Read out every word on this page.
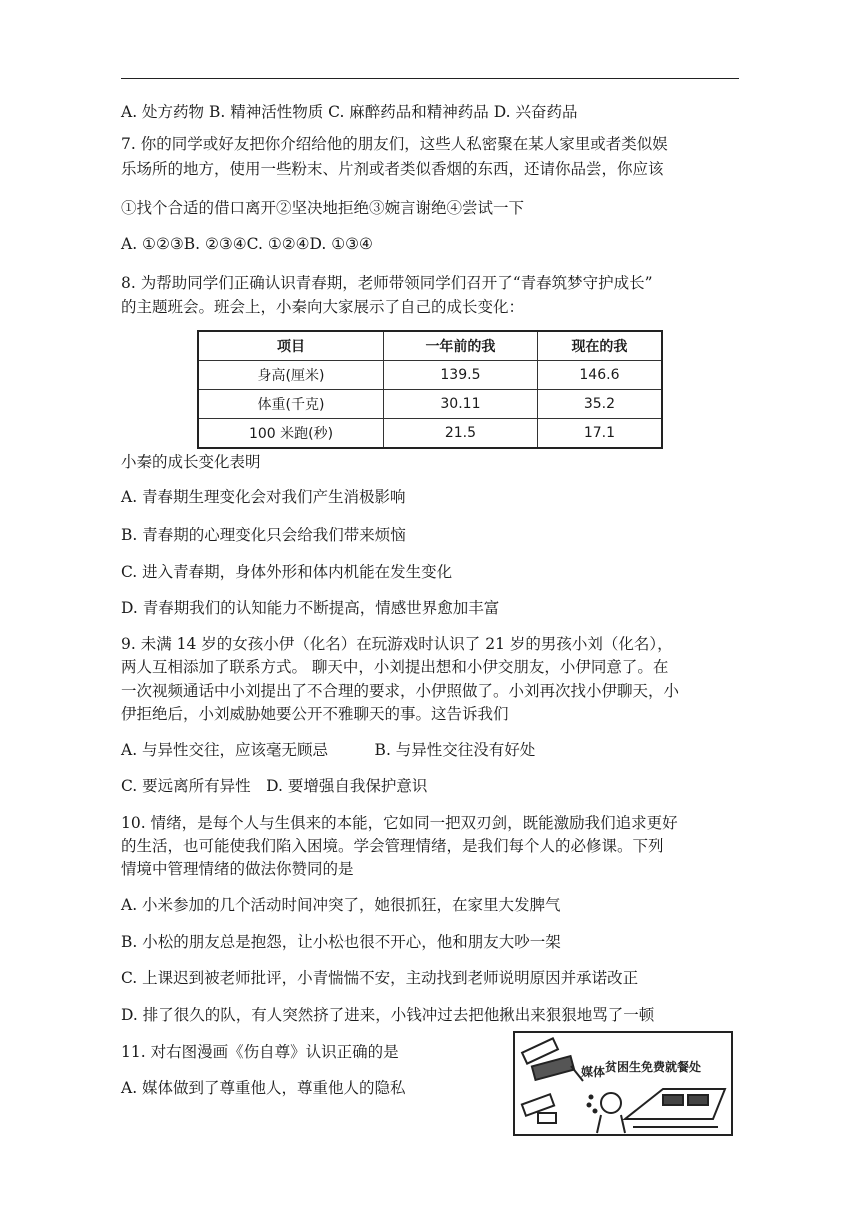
A. 处方药物 B. 精神活性物质 C. 麻醉药品和精神药品 D. 兴奋药品
7. 你的同学或好友把你介绍给他的朋友们，这些人私密聚在某人家里或者类似娱
乐场所的地方，使用一些粉末、片剂或者类似香烟的东西，还请你品尝，你应该
①找个合适的借口离开②坚决地拒绝③婉言谢绝④尝试一下
A. ①②③B. ②③④C. ①②④D. ①③④
8. 为帮助同学们正确认识青春期，老师带领同学们召开了“青春筑梦守护成长”
的主题班会。班会上，小秦向大家展示了自己的成长变化：
项目	一年前的我	现在的我
身高(厘米)	139.5	146.6
体重(千克)	30.11	35.2
100 米跑(秒)	21.5	17.1
小秦的成长变化表明
A. 青春期生理变化会对我们产生消极影响
B. 青春期的心理变化只会给我们带来烦恼
C. 进入青春期，身体外形和体内机能在发生变化
D. 青春期我们的认知能力不断提高，情感世界愈加丰富
9. 未满 14 岁的女孩小伊（化名）在玩游戏时认识了 21 岁的男孩小刘（化名），
两人互相添加了联系方式。 聊天中，小刘提出想和小伊交朋友，小伊同意了。在
一次视频通话中小刘提出了不合理的要求，小伊照做了。小刘再次找小伊聊天，小
伊拒绝后，小刘威胁她要公开不雅聊天的事。这告诉我们
A. 与异性交往，应该毫无顾忌　　　B. 与异性交往没有好处
C. 要远离所有异性　D. 要增强自我保护意识
10. 情绪，是每个人与生俱来的本能，它如同一把双刃剑，既能激励我们追求更好
的生活，也可能使我们陷入困境。学会管理情绪，是我们每个人的必修课。下列
情境中管理情绪的做法你赞同的是
A. 小米参加的几个活动时间冲突了，她很抓狂，在家里大发脾气
B. 小松的朋友总是抱怨，让小松也很不开心，他和朋友大吵一架
C. 上课迟到被老师批评，小青惴惴不安，主动找到老师说明原因并承诺改正
D. 排了很久的队，有人突然挤了进来，小钱冲过去把他揪出来狠狠地骂了一顿
11. 对右图漫画《伤自尊》认识正确的是
A. 媒体做到了尊重他人，尊重他人的隐私
媒体 贫困生免费就餐处
